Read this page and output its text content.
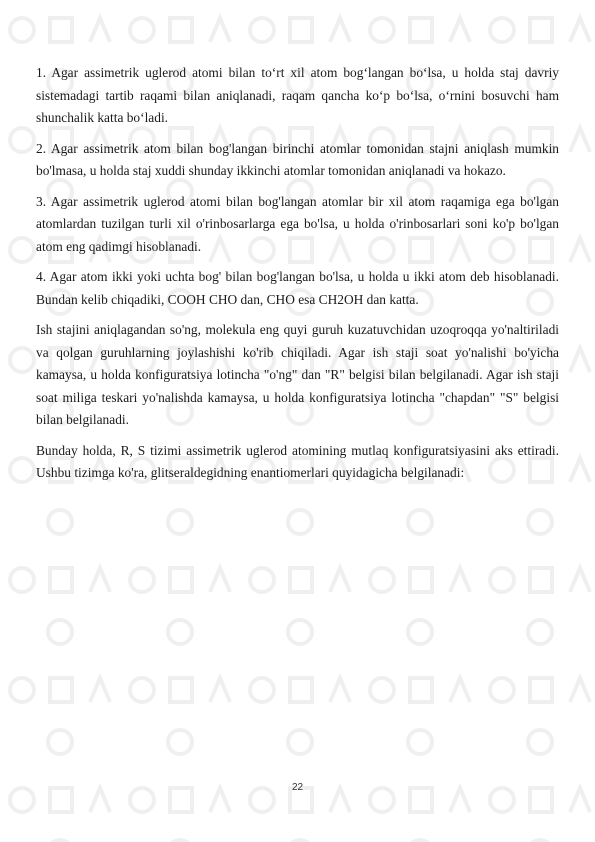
1. Agar assimetrik uglerod atomi bilan to‘rt xil atom bog‘langan bo‘lsa, u holda staj davriy sistemadagi tartib raqami bilan aniqlanadi, raqam qancha ko‘p bo‘lsa, o‘rnini bosuvchi ham shunchalik katta bo‘ladi.

2. Agar assimetrik atom bilan bog'langan birinchi atomlar tomonidan stajni aniqlash mumkin bo'lmasa, u holda staj xuddi shunday ikkinchi atomlar tomonidan aniqlanadi va hokazo.

3. Agar assimetrik uglerod atomi bilan bog'langan atomlar bir xil atom raqamiga ega bo'lgan atomlardan tuzilgan turli xil o'rinbosarlarga ega bo'lsa, u holda o'rinbosarlari soni ko'p bo'lgan atom eng qadimgi hisoblanadi.

4. Agar atom ikki yoki uchta bog' bilan bog'langan bo'lsa, u holda u ikki atom deb hisoblanadi. Bundan kelib chiqadiki, COOH CHO dan, CHO esa CH2OH dan katta.

Ish stajini aniqlagandan so'ng, molekula eng quyi guruh kuzatuvchidan uzoqroqqa yo'naltiriladi va qolgan guruhlarning joylashishi ko'rib chiqiladi. Agar ish staji soat yo'nalishi bo'yicha kamaysa, u holda konfiguratsiya lotincha "o'ng" dan "R" belgisi bilan belgilanadi. Agar ish staji soat miliga teskari yo'nalishda kamaysa, u holda konfiguratsiya lotincha "chapdan" "S" belgisi bilan belgilanadi.

Bunday holda, R, S tizimi assimetrik uglerod atomining mutlaq konfiguratsiyasini aks ettiradi. Ushbu tizimga ko'ra, glitseraldegidning enantiomerlari quyidagicha belgilanadi:

22
